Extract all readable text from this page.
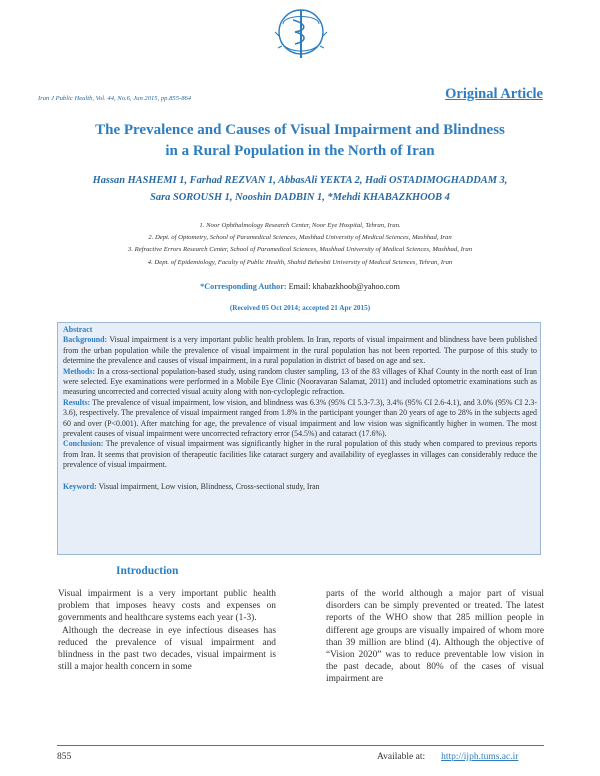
Iran J Public Health, Vol. 44, No.6, Jun 2015, pp.855-864	Original Article
The Prevalence and Causes of Visual Impairment and Blindness
in a Rural Population in the North of Iran
Hassan HASHEMI 1, Farhad REZVAN 1, AbbasAli YEKTA 2, Hadi OSTADIMOGHADDAM 3,
Sara SOROUSH 1, Nooshin DADBIN 1, *Mehdi KHABAZKHOOB 4
1. Noor Ophthalmology Research Center, Noor Eye Hospital, Tehran, Iran.
2. Dept. of Optometry, School of Paramedical Sciences, Mashhad University of Medical Sciences, Mashhad, Iran
3. Refractive Errors Research Center, School of Paramedical Sciences, Mashhad University of Medical Sciences, Mashhad, Iran
4. Dept. of Epidemiology, Faculty of Public Health, Shahid Beheshti University of Medical Sciences, Tehran, Iran
*Corresponding Author: Email: khabazkhoob@yahoo.com
(Received 05 Oct 2014; accepted 21 Apr 2015)

Abstract

Background: Visual impairment is a very important public health problem. In Iran, reports of visual impairment and blindness have been published from the urban population while the prevalence of visual impairment in the rural population has not been reported. The purpose of this study to determine the prevalence and causes of visual impairment, in a rural population in district of based on age and sex.

Methods: In a cross-sectional population-based study, using random cluster sampling, 13 of the 83 villages of Khaf County in the north east of Iran were selected. Eye examinations were performed in a Mobile Eye Clinic (Nooravaran Salamat, 2011) and included optometric examinations such as measuring uncorrected and corrected visual acuity along with non-cycloplegic refraction.

Results: The prevalence of visual impairment, low vision, and blindness was 6.3% (95% CI 5.3-7.3), 3.4% (95% CI 2.6-4.1), and 3.0% (95% CI 2.3-3.6), respectively. The prevalence of visual impairment ranged from 1.8% in the participant younger than 20 years of age to 28% in the subjects aged 60 and over (P<0.001). After matching for age, the prevalence of visual impairment and low vision was significantly higher in women. The most prevalent causes of visual impairment were uncorrected refractory error (54.5%) and cataract (17.6%).

Conclusion: The prevalence of visual impairment was significantly higher in the rural population of this study when compared to previous reports from Iran. It seems that provision of therapeutic facilities like cataract surgery and availability of eyeglasses in villages can considerably reduce the prevalence of visual impairment.

Keyword: Visual impairment, Low vision, Blindness, Cross-sectional study, Iran

Introduction

Visual impairment is a very important public health problem that imposes heavy costs and expenses on governments and healthcare systems each year (1-3).

Although the decrease in eye infectious diseases has reduced the prevalence of visual impairment and blindness in the past two decades, visual impairment is still a major health concern in some

parts of the world although a major part of visual disorders can be simply prevented or treated. The latest reports of the WHO show that 285 million people in different age groups are visually impaired of whom more than 39 million are blind (4). Although the objective of “Vision 2020” was to reduce preventable low vision in the past decade, about 80% of the cases of visual impairment are

855	Available at: http://ijph.tums.ac.ir
